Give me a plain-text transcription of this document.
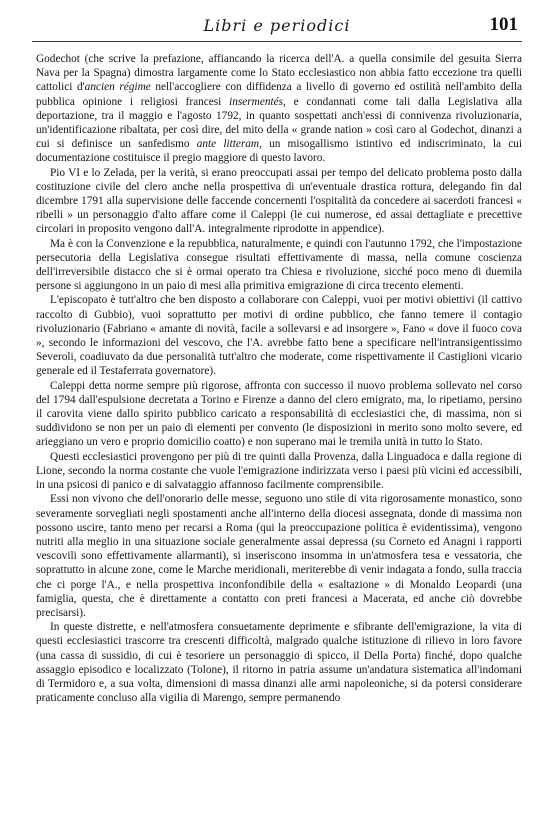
Libri e periodici	101

Godechot (che scrive la prefazione, affiancando la ricerca dell'A. a quella consimile del gesuita Sierra Nava per la Spagna) dimostra largamente come lo Stato ecclesiastico non abbia fatto eccezione tra quelli cattolici d'ancien régime nell'accogliere con diffidenza a livello di governo ed ostilità nell'ambito della pubblica opinione i religiosi francesi insermentés, e condannati come tali dalla Legislativa alla deportazione, tra il maggio e l'agosto 1792, in quanto sospettati anch'essi di connivenza rivoluzionaria, un'identificazione ribaltata, per così dire, del mito della « grande nation » così caro al Godechot, dinanzi a cui si definisce un sanfedismo ante litteram, un misogallismo istintivo ed indiscriminato, la cui documentazione costituisce il pregio maggiore di questo lavoro.

Pio VI e lo Zelada, per la verità, si erano preoccupati assai per tempo del delicato problema posto dalla costituzione civile del clero anche nella prospettiva di un'eventuale drastica rottura, delegando fin dal dicembre 1791 alla supervisione delle faccende concernenti l'ospitalità da concedere ai sacerdoti francesi « ribelli » un personaggio d'alto affare come il Caleppi (le cui numerose, ed assai dettagliate e precettive circolari in proposito vengono dall'A. integralmente riprodotte in appendice).

Ma è con la Convenzione e la repubblica, naturalmente, e quindi con l'autunno 1792, che l'impostazione persecutoria della Legislativa consegue risultati effettivamente di massa, nella comune coscienza dell'irreversibile distacco che si è ormai operato tra Chiesa e rivoluzione, sicché poco meno di duemila persone si aggiungono in un paio di mesi alla primitiva emigrazione di circa trecento elementi.

L'episcopato è tutt'altro che ben disposto a collaborare con Caleppi, vuoi per motivi obiettivi (il cattivo raccolto di Gubbio), vuoi soprattutto per motivi di ordine pubblico, che fanno temere il contagio rivoluzionario (Fabriano « amante di novità, facile a sollevarsi e ad insorgere », Fano « dove il fuoco cova », secondo le informazioni del vescovo, che l'A. avrebbe fatto bene a specificare nell'intransigentissimo Severoli, coadiuvato da due personalità tutt'altro che moderate, come rispettivamente il Castiglioni vicario generale ed il Testaferrata governatore).

Caleppi detta norme sempre più rigorose, affronta con successo il nuovo problema sollevato nel corso del 1794 dall'espulsione decretata a Torino e Firenze a danno del clero emigrato, ma, lo ripetiamo, persino il carovita viene dallo spirito pubblico caricato a responsabilità di ecclesiastici che, di massima, non si suddividono se non per un paio di elementi per convento (le disposizioni in merito sono molto severe, ed arieggiano un vero e proprio domicilio coatto) e non superano mai le tremila unità in tutto lo Stato.

Questi ecclesiastici provengono per più di tre quinti dalla Provenza, dalla Linguadoca e dalla regione di Lione, secondo la norma costante che vuole l'emigrazione indirizzata verso i paesi più vicini ed accessibili, in una psicosi di panico e di salvataggio affannoso facilmente comprensibile.

Essi non vivono che dell'onorario delle messe, seguono uno stile di vita rigorosamente monastico, sono severamente sorvegliati negli spostamenti anche all'interno della diocesi assegnata, donde di massima non possono uscire, tanto meno per recarsi a Roma (qui la preoccupazione politica è evidentissima), vengono nutriti alla meglio in una situazione sociale generalmente assai depressa (su Corneto ed Anagni i rapporti vescovili sono effettivamente allarmanti), si inseriscono insomma in un'atmosfera tesa e vessatoria, che soprattutto in alcune zone, come le Marche meridionali, meriterebbe di venir indagata a fondo, sulla traccia che ci porge l'A., e nella prospettiva inconfondibile della « esaltazione » di Monaldo Leopardi (una famiglia, questa, che è direttamente a contatto con preti francesi a Macerata, ed anche ciò dovrebbe precisarsi).

In queste distrette, e nell'atmosfera consuetamente deprimente e sfibrante dell'emigrazione, la vita di questi ecclesiastici trascorre tra crescenti difficoltà, malgrado qualche istituzione di rilievo in loro favore (una cassa di sussidio, di cui è tesoriere un personaggio di spicco, il Della Porta) finché, dopo qualche assaggio episodico e localizzato (Tolone), il ritorno in patria assume un'andatura sistematica all'indomani di Termidoro e, a sua volta, dimensioni di massa dinanzi alle armi napoleoniche, si da potersi considerare praticamente concluso alla vigilia di Marengo, sempre permanendo
